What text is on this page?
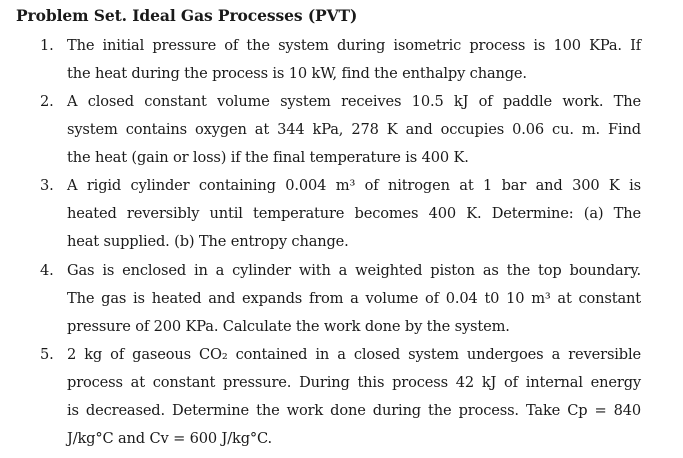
Problem Set. Ideal Gas Processes (PVT)
1. The initial pressure of the system during isometric process is 100 KPa. If
the heat during the process is 10 kW, find the enthalpy change.
2. A closed constant volume system receives 10.5 kJ of paddle work. The
system contains oxygen at 344 kPa, 278 K and occupies 0.06 cu. m. Find
the heat (gain or loss) if the final temperature is 400 K.
3. A rigid cylinder containing 0.004 m³ of nitrogen at 1 bar and 300 K is
heated reversibly until temperature becomes 400 K. Determine: (a) The
heat supplied. (b) The entropy change.
4. Gas is enclosed in a cylinder with a weighted piston as the top boundary.
The gas is heated and expands from a volume of 0.04 t0 10 m³ at constant
pressure of 200 KPa. Calculate the work done by the system.
5. 2 kg of gaseous CO₂ contained in a closed system undergoes a reversible
process at constant pressure. During this process 42 kJ of internal energy
is decreased. Determine the work done during the process. Take Cp = 840
J/kg°C and Cv = 600 J/kg°C.
